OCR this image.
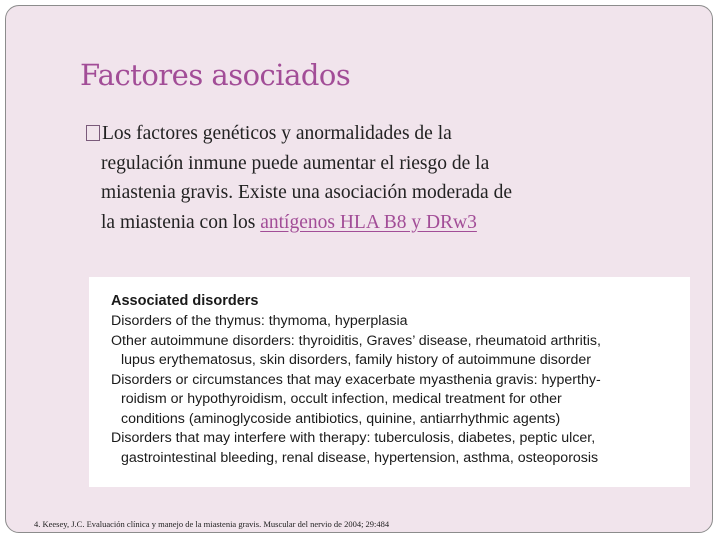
Factores asociados
Los factores genéticos y anormalidades de la
regulación inmune puede aumentar el riesgo de la
miastenia gravis. Existe una asociación moderada de
la miastenia con los antígenos HLA B8 y DRw3
Associated disorders
Disorders of the thymus: thymoma, hyperplasia
Other autoimmune disorders: thyroiditis, Graves’ disease, rheumatoid arthritis,
lupus erythematosus, skin disorders, family history of autoimmune disorder
Disorders or circumstances that may exacerbate myasthenia gravis: hyperthy-
roidism or hypothyroidism, occult infection, medical treatment for other
conditions (aminoglycoside antibiotics, quinine, antiarrhythmic agents)
Disorders that may interfere with therapy: tuberculosis, diabetes, peptic ulcer,
gastrointestinal bleeding, renal disease, hypertension, asthma, osteoporosis
4. Keesey, J.C. Evaluación clínica y manejo de la miastenia gravis. Muscular del nervio de 2004; 29:484
